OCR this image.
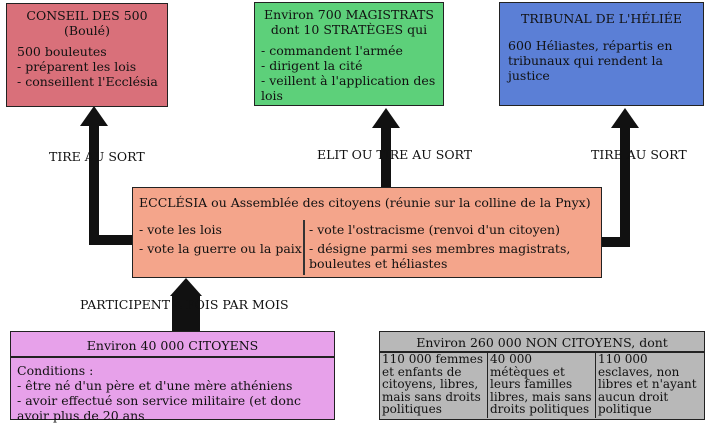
CONSEIL DES 500
(Boulé)
500 bouleutes
- préparent les lois
- conseillent l'Ecclésia
Environ 700 MAGISTRATS
dont 10 STRATÈGES qui
- commandent l'armée
- dirigent la cité
- veillent à l'application des lois
TRIBUNAL DE L'HÉLIÉE
600 Héliastes, répartis en tribunaux qui rendent la justice
TIRE AU SORT	ELIT OU TIRE AU SORT	TIRE AU SORT
PARTICIPENT 4 FOIS PAR MOIS
ECCLÉSIA ou Assemblée des citoyens (réunie sur la colline de la Pnyx)
- vote les lois
- vote la guerre ou la paix
- vote l'ostracisme (renvoi d'un citoyen)
- désigne parmi ses membres magistrats, bouleutes et héliastes
Environ 40 000 CITOYENS
Conditions :
- être né d'un père et d'une mère athéniens
- avoir effectué son service militaire (et donc avoir plus de 20 ans
Environ 260 000 NON CITOYENS, dont
110 000 femmes et enfants de citoyens, libres, mais sans droits politiques
40 000 métèques et leurs familles libres, mais sans droits politiques
110 000 esclaves, non libres et n'ayant aucun droit politique
